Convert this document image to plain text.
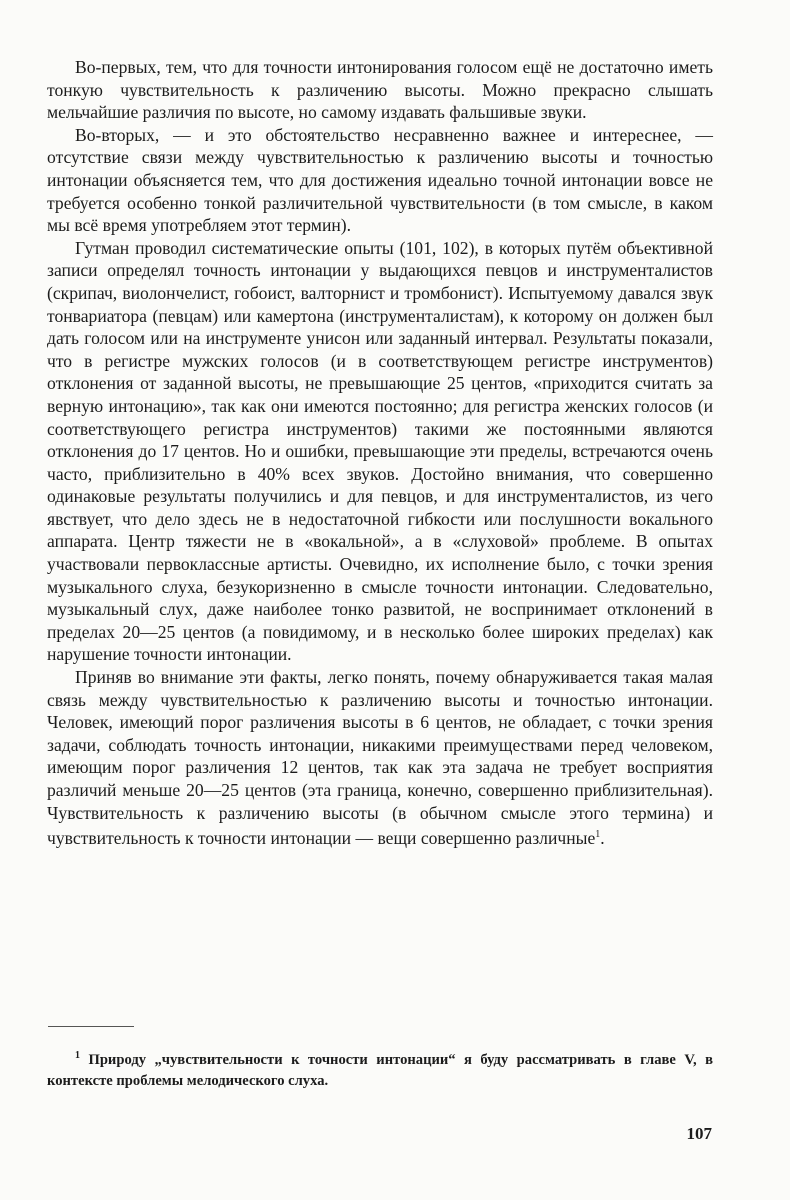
Во-первых, тем, что для точности интонирования голосом ещё не достаточно иметь тонкую чувствительность к различению высоты. Можно прекрасно слышать мельчайшие различия по высоте, но самому издавать фальшивые звуки.

Во-вторых, — и это обстоятельство несравненно важнее и интереснее, — отсутствие связи между чувствительностью к различению высоты и точностью интонации объясняется тем, что для достижения идеально точной интонации вовсе не требуется особенно тонкой различительной чувствительности (в том смысле, в каком мы всё время употребляем этот термин).

Гутман проводил систематические опыты (101, 102), в которых путём объективной записи определял точность интонации у выдающихся певцов и инструменталистов (скрипач, виолончелист, гобоист, валторнист и тромбонист). Испытуемому давался звук тонвариатора (певцам) или камертона (инструменталистам), к которому он должен был дать голосом или на инструменте унисон или заданный интервал. Результаты показали, что в регистре мужских голосов (и в соответствующем регистре инструментов) отклонения от заданной высоты, не превышающие 25 центов, «приходится считать за верную интонацию», так как они имеются постоянно; для регистра женских голосов (и соответствующего регистра инструментов) такими же постоянными являются отклонения до 17 центов. Но и ошибки, превышающие эти пределы, встречаются очень часто, приблизительно в 40% всех звуков. Достойно внимания, что совершенно одинаковые результаты получились и для певцов, и для инструменталистов, из чего явствует, что дело здесь не в недостаточной гибкости или послушности вокального аппарата. Центр тяжести не в «вокальной», а в «слуховой» проблеме. В опытах участвовали первоклассные артисты. Очевидно, их исполнение было, с точки зрения музыкального слуха, безукоризненно в смысле точности интонации. Следовательно, музыкальный слух, даже наиболее тонко развитой, не воспринимает отклонений в пределах 20—25 центов (а повидимому, и в несколько более широких пределах) как нарушение точности интонации.

Приняв во внимание эти факты, легко понять, почему обнаруживается такая малая связь между чувствительностью к различению высоты и точностью интонации. Человек, имеющий порог различения высоты в 6 центов, не обладает, с точки зрения задачи, соблюдать точность интонации, никакими преимуществами перед человеком, имеющим порог различения 12 центов, так как эта задача не требует восприятия различий меньше 20—25 центов (эта граница, конечно, совершенно приблизительная). Чувствительность к различению высоты (в обычном смысле этого термина) и чувствительность к точности интонации — вещи совершенно различные$^1$.

$^1$ Природу „чувствительности к точности интонации“ я буду рассматривать в главе V, в контексте проблемы мелодического слуха.

107
